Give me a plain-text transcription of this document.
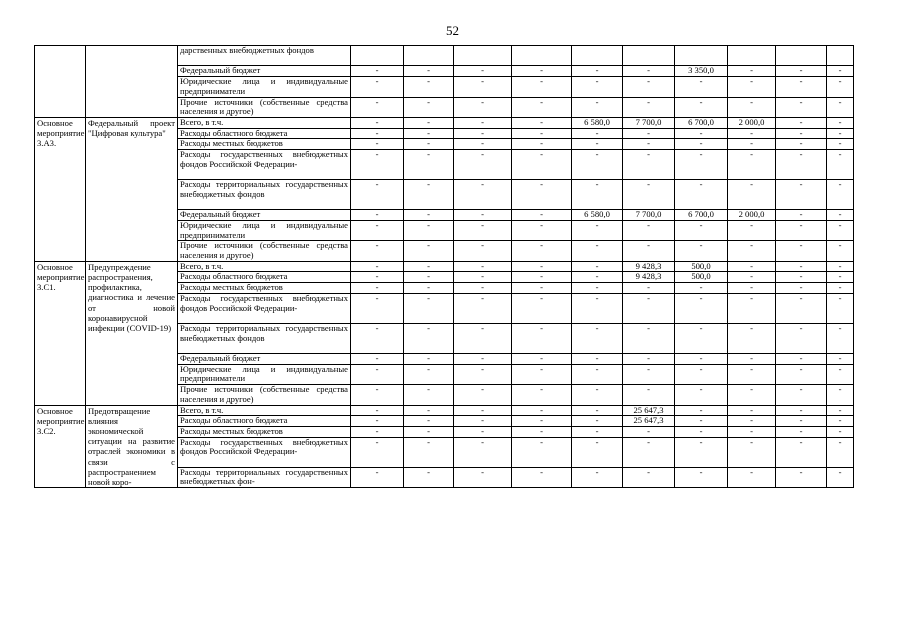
52
		дарственных внебюджетных фондов										
		Федеральный бюджет	-	-	-	-	-	-	3 350,0	-	-	-
		Юридические лица и индивидуальные предприниматели	-	-	-	-	-	-	-	-	-	-
		Прочие источники (собственные средства населения и другое)	-	-	-	-	-	-	-	-	-	-
Основное мероприятие 3.А3.	Федеральный проект "Цифровая культура"	Всего, в т.ч.	-	-	-	-	6 580,0	7 700,0	6 700,0	2 000,0	-	-
		Расходы областного бюджета	-	-	-	-	-	-	-	-	-	-
		Расходы местных бюджетов	-	-	-	-	-	-	-	-	-	-
		Расходы государственных внебюджетных фондов Российской Федерации-	-	-	-	-	-	-	-	-	-	-
		Расходы территориальных государственных внебюджетных фондов	-	-	-	-	-	-	-	-	-	-
		Федеральный бюджет	-	-	-	-	6 580,0	7 700,0	6 700,0	2 000,0	-	-
		Юридические лица и индивидуальные предприниматели	-	-	-	-	-	-	-	-	-	-
		Прочие источники (собственные средства населения и другое)	-	-	-	-	-	-	-	-	-	-
Основное мероприятие 3.С1.	Предупреждение распространения, профилактика, диагностика и лечение от новой коронавирусной инфекции (COVID-19)	Всего, в т.ч.	-	-	-	-	-	9 428,3	500,0	-	-	-
		Расходы областного бюджета	-	-	-	-	-	9 428,3	500,0	-	-	-
		Расходы местных бюджетов	-	-	-	-	-	-	-	-	-	-
		Расходы государственных внебюджетных фондов Российской Федерации-	-	-	-	-	-	-	-	-	-	-
		Расходы территориальных государственных внебюджетных фондов	-	-	-	-	-	-	-	-	-	-
		Федеральный бюджет	-	-	-	-	-	-	-	-	-	-
		Юридические лица и индивидуальные предприниматели	-	-	-	-	-	-	-	-	-	-
		Прочие источники (собственные средства населения и другое)	-	-	-	-	-	-	-	-	-	-
Основное мероприятие 3.С2.	Предотвращение влияния экономической ситуации на развитие отраслей экономики в связи с распространением новой коро-	Всего, в т.ч.	-	-	-	-	-	25 647,3	-	-	-	-
		Расходы областного бюджета	-	-	-	-	-	25 647,3	-	-	-	-
		Расходы местных бюджетов	-	-	-	-	-	-	-	-	-	-
		Расходы государственных внебюджетных фондов Российской Федерации-	-	-	-	-	-	-	-	-	-	-
		Расходы территориальных государственных внебюджетных фон-	-	-	-	-	-	-	-	-	-	-
